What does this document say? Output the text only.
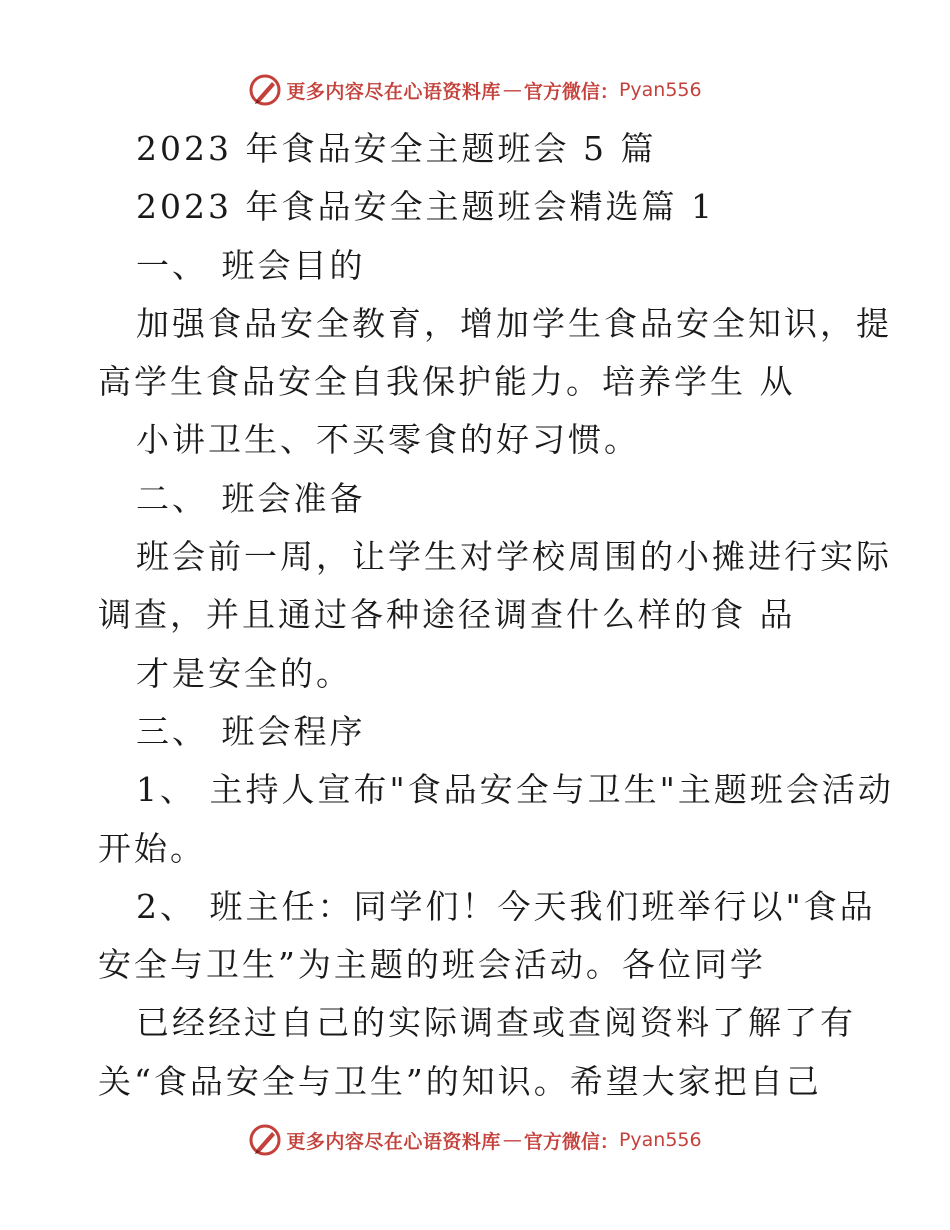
更多内容尽在心语资料库 — 官方微信： Pyan556
2023 年食品安全主题班会 5 篇
2023 年食品安全主题班会精选篇 1
一、 班会目的
加强食品安全教育，增加学生食品安全知识，提
高学生食品安全自我保护能力。培养学生 从
小讲卫生、不买零食的好习惯。
二、 班会准备
班会前一周，让学生对学校周围的小摊进行实际
调查，并且通过各种途径调查什么样的食 品
才是安全的。
三、 班会程序
1、 主持人宣布"食品安全与卫生"主题班会活动
开始。
2、 班主任：同学们！今天我们班举行以"食品
安全与卫生”为主题的班会活动。各位同学
已经经过自己的实际调查或查阅资料了解了有
关“食品安全与卫生”的知识。希望大家把自己
更多内容尽在心语资料库 — 官方微信： Pyan556
